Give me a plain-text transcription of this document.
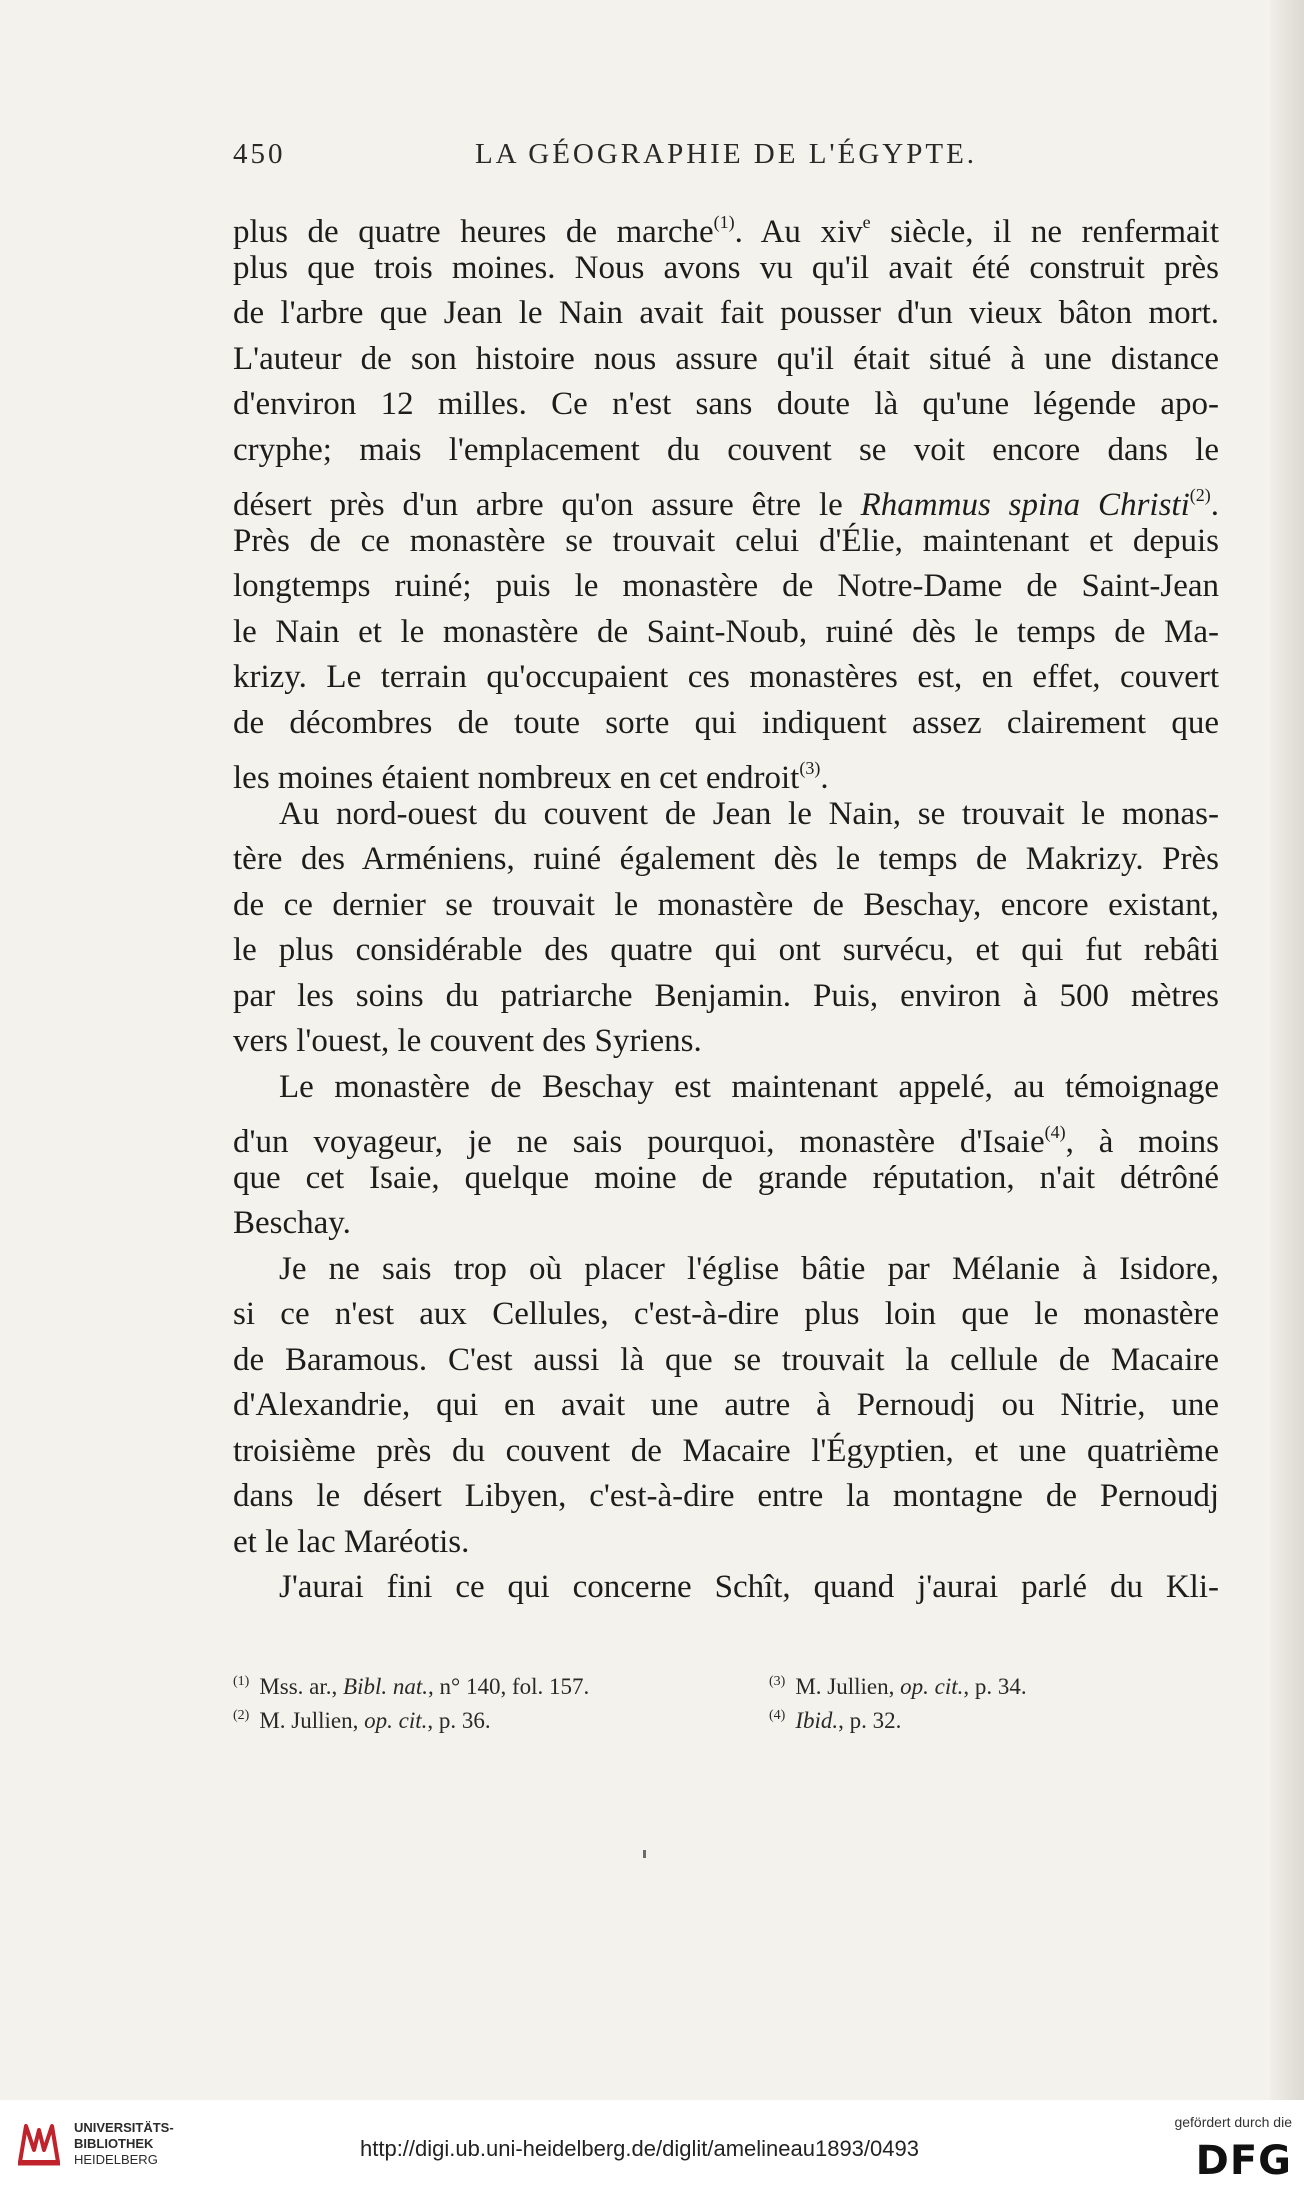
450	LA GÉOGRAPHIE DE L'ÉGYPTE.
plus de quatre heures de marche$^{(1)}$. Au xiv$^e$ siècle, il ne renfermait
plus que trois moines. Nous avons vu qu'il avait été construit près
de l'arbre que Jean le Nain avait fait pousser d'un vieux bâton mort.
L'auteur de son histoire nous assure qu'il était situé à une distance
d'environ 12 milles. Ce n'est sans doute là qu'une légende apo-
cryphe; mais l'emplacement du couvent se voit encore dans le
désert près d'un arbre qu'on assure être le Rhammus spina Christi$^{(2)}$.
Près de ce monastère se trouvait celui d'Élie, maintenant et depuis
longtemps ruiné; puis le monastère de Notre-Dame de Saint-Jean
le Nain et le monastère de Saint-Noub, ruiné dès le temps de Ma-
krizy. Le terrain qu'occupaient ces monastères est, en effet, couvert
de décombres de toute sorte qui indiquent assez clairement que
les moines étaient nombreux en cet endroit$^{(3)}$.
Au nord-ouest du couvent de Jean le Nain, se trouvait le monas-
tère des Arméniens, ruiné également dès le temps de Makrizy. Près
de ce dernier se trouvait le monastère de Beschay, encore existant,
le plus considérable des quatre qui ont survécu, et qui fut rebâti
par les soins du patriarche Benjamin. Puis, environ à 500 mètres
vers l'ouest, le couvent des Syriens.
Le monastère de Beschay est maintenant appelé, au témoignage
d'un voyageur, je ne sais pourquoi, monastère d'Isaie$^{(4)}$, à moins
que cet Isaie, quelque moine de grande réputation, n'ait détrôné
Beschay.
Je ne sais trop où placer l'église bâtie par Mélanie à Isidore,
si ce n'est aux Cellules, c'est-à-dire plus loin que le monastère
de Baramous. C'est aussi là que se trouvait la cellule de Macaire
d'Alexandrie, qui en avait une autre à Pernoudj ou Nitrie, une
troisième près du couvent de Macaire l'Égyptien, et une quatrième
dans le désert Libyen, c'est-à-dire entre la montagne de Pernoudj
et le lac Maréotis.
J'aurai fini ce qui concerne Schît, quand j'aurai parlé du Kli-
$^{(1)}$ Mss. ar., Bibl. nat., n° 140, fol. 157.
$^{(2)}$ M. Jullien, op. cit., p. 36.
$^{(3)}$ M. Jullien, op. cit., p. 34.
$^{(4)}$ Ibid., p. 32.
UNIVERSITÄTS-
BIBLIOTHEK
HEIDELBERG	http://digi.ub.uni-heidelberg.de/diglit/amelineau1893/0493
gefördert durch die
DFG
